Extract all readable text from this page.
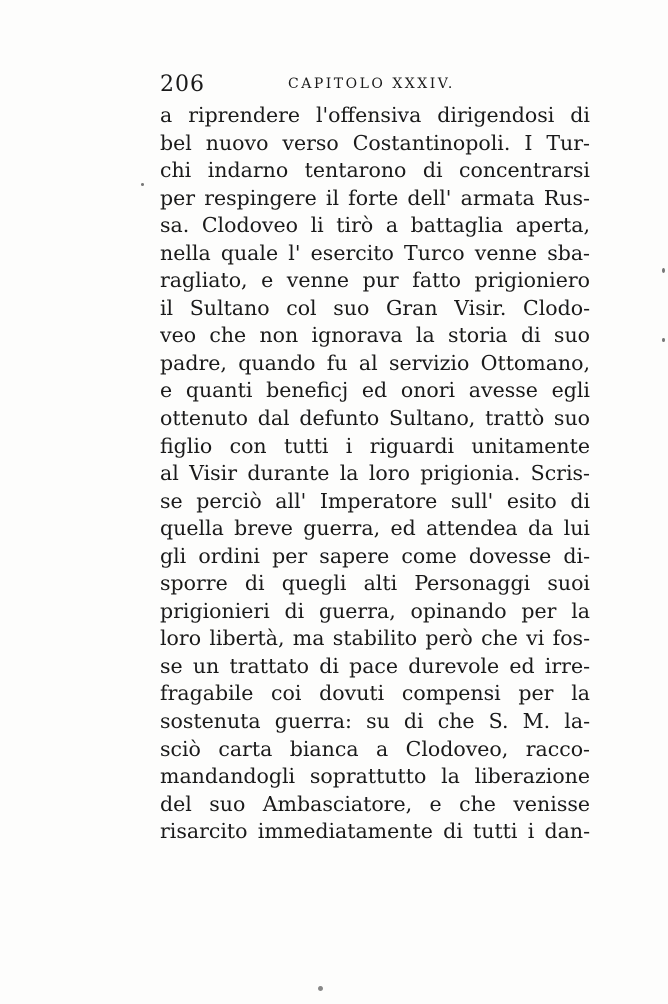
206	CAPITOLO XXXIV.
a riprendere l'offensiva dirigendosi di
bel nuovo verso Costantinopoli. I Tur-
chi indarno tentarono di concentrarsi
per respingere il forte dell' armata Rus-
sa. Clodoveo li tirò a battaglia aperta,
nella quale l' esercito Turco venne sba-
ragliato, e venne pur fatto prigioniero
il Sultano col suo Gran Visir. Clodo-
veo che non ignorava la storia di suo
padre, quando fu al servizio Ottomano,
e quanti beneficj ed onori avesse egli
ottenuto dal defunto Sultano, trattò suo
figlio con tutti i riguardi unitamente
al Visir durante la loro prigionia. Scris-
se perciò all' Imperatore sull' esito di
quella breve guerra, ed attendea da lui
gli ordini per sapere come dovesse di-
sporre di quegli alti Personaggi suoi
prigionieri di guerra, opinando per la
loro libertà, ma stabilito però che vi fos-
se un trattato di pace durevole ed irre-
fragabile coi dovuti compensi per la
sostenuta guerra: su di che S. M. la-
sciò carta bianca a Clodoveo, racco-
mandandogli soprattutto la liberazione
del suo Ambasciatore, e che venisse
risarcito immediatamente di tutti i dan-
